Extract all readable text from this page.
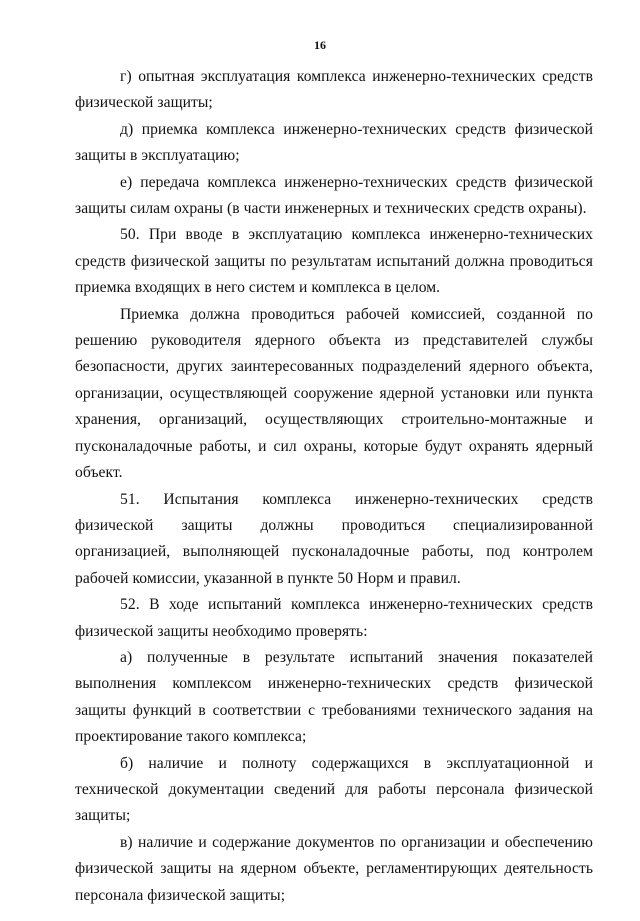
16

г) опытная эксплуатация комплекса инженерно-технических средств физической защиты;

д) приемка комплекса инженерно-технических средств физической защиты в эксплуатацию;

е) передача комплекса инженерно-технических средств физической защиты силам охраны (в части инженерных и технических средств охраны).

50. При вводе в эксплуатацию комплекса инженерно-технических средств физической защиты по результатам испытаний должна проводиться приемка входящих в него систем и комплекса в целом.

Приемка должна проводиться рабочей комиссией, созданной по решению руководителя ядерного объекта из представителей службы безопасности, других заинтересованных подразделений ядерного объекта, организации, осуществляющей сооружение ядерной установки или пункта хранения, организаций, осуществляющих строительно-монтажные и пусконаладочные работы, и сил охраны, которые будут охранять ядерный объект.

51. Испытания комплекса инженерно-технических средств физической защиты должны проводиться специализированной организацией, выполняющей пусконаладочные работы, под контролем рабочей комиссии, указанной в пункте 50 Норм и правил.

52. В ходе испытаний комплекса инженерно-технических средств физической защиты необходимо проверять:

а) полученные в результате испытаний значения показателей выполнения комплексом инженерно-технических средств физической защиты функций в соответствии с требованиями технического задания на проектирование такого комплекса;

б) наличие и полноту содержащихся в эксплуатационной и технической документации сведений для работы персонала физической защиты;

в) наличие и содержание документов по организации и обеспечению физической защиты на ядерном объекте, регламентирующих деятельность персонала физической защиты;
